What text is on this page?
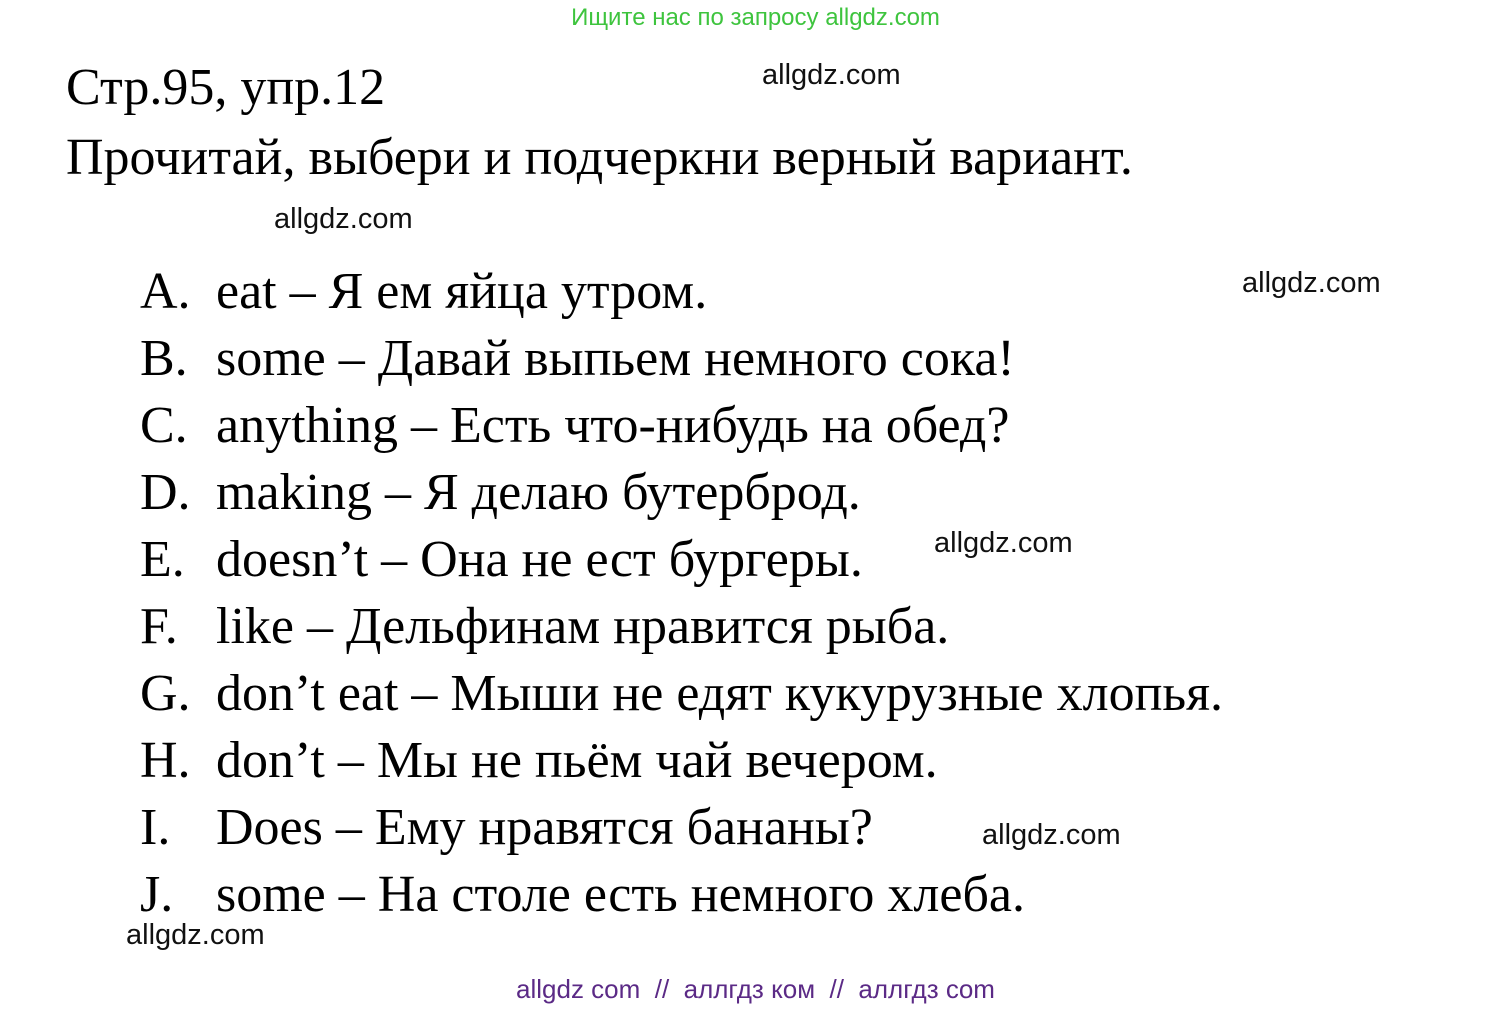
Ищите нас по запросу allgdz.com
Стр.95, упр.12
Прочитай, выбери и подчеркни верный вариант.
A. eat – Я ем яйца утром.
B. some – Давай выпьем немного сока!
C. anything – Есть что-нибудь на обед?
D. making – Я делаю бутерброд.
E. doesn’t – Она не ест бургеры.
F. like – Дельфинам нравится рыба.
G. don’t eat – Мыши не едят кукурузные хлопья.
H. don’t – Мы не пьём чай вечером.
I. Does – Ему нравятся бананы?
J. some – На столе есть немного хлеба.
allgdz.com
allgdz.com
allgdz.com
allgdz.com
allgdz.com
allgdz.com
allgdz com  //  аллгдз ком  //  аллгдз com
